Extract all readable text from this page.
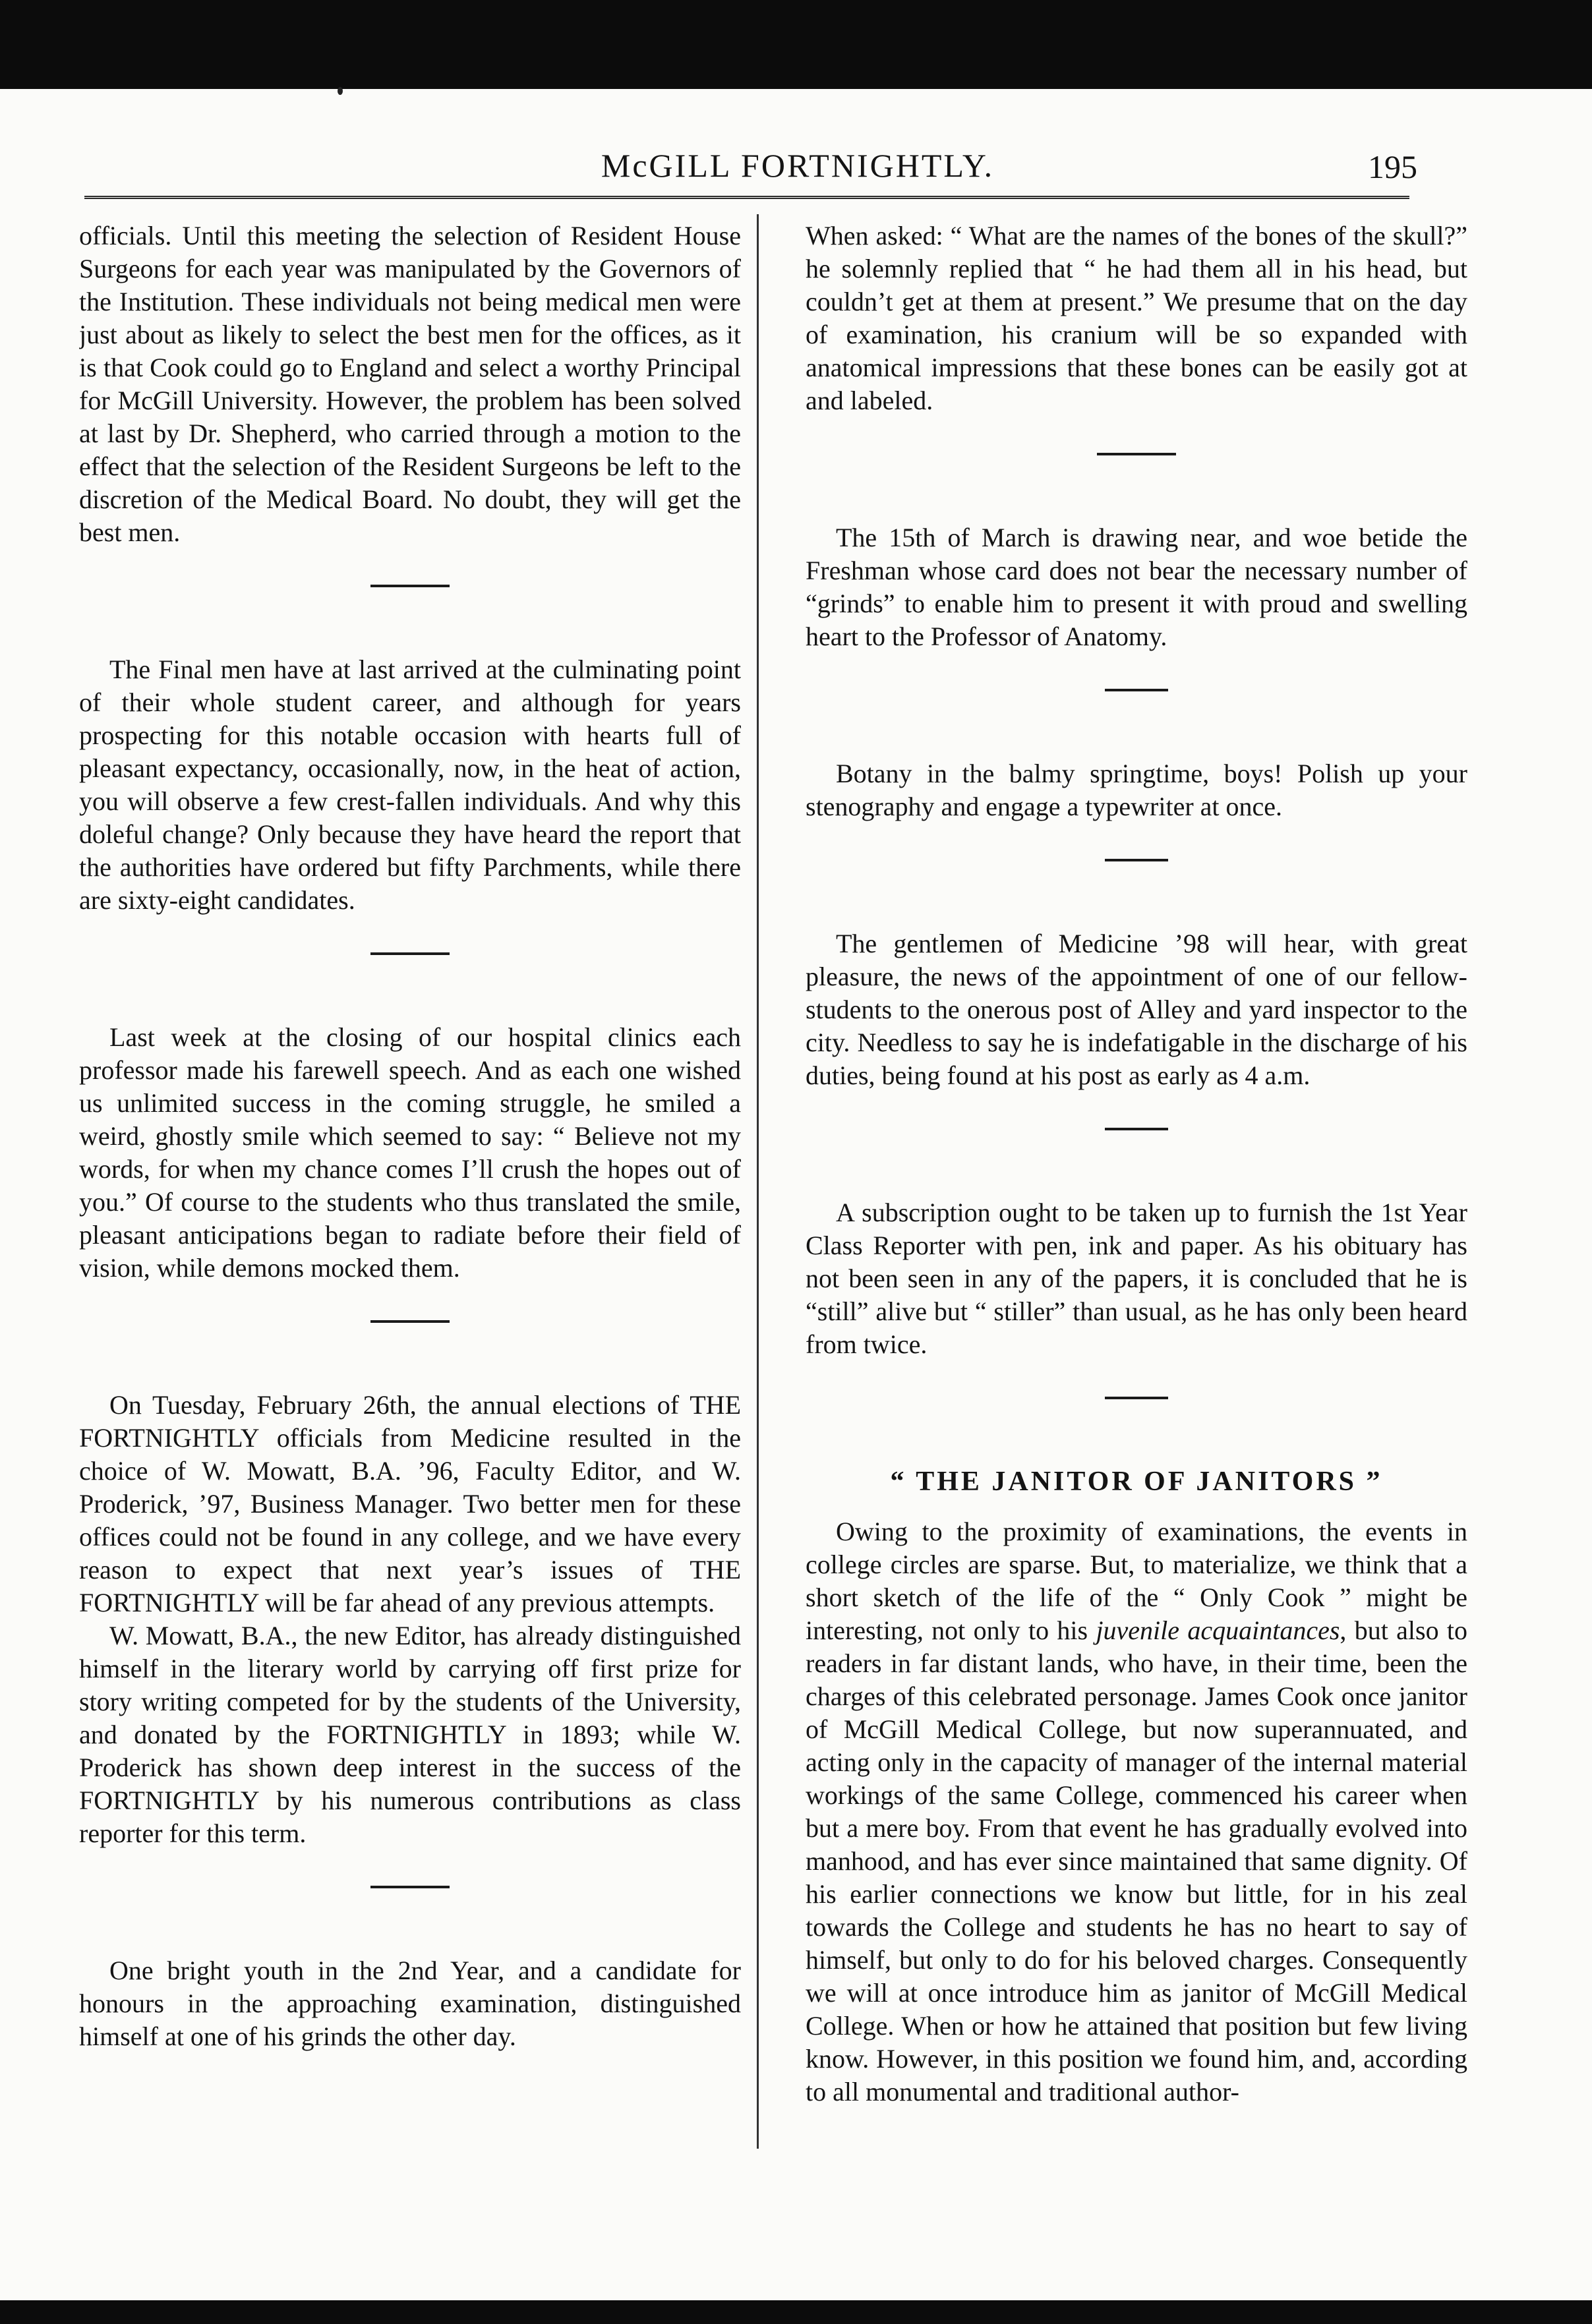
McGILL FORTNIGHTLY.	195

officials. Until this meeting the selection of Resident House Surgeons for each year was manipulated by the Governors of the Institution. These individuals not being medical men were just about as likely to select the best men for the offices, as it is that Cook could go to England and select a worthy Principal for McGill University. However, the problem has been solved at last by Dr. Shepherd, who carried through a motion to the effect that the selection of the Resident Surgeons be left to the discretion of the Medical Board. No doubt, they will get the best men.

The Final men have at last arrived at the culminating point of their whole student career, and although for years prospecting for this notable occasion with hearts full of pleasant expectancy, occasionally, now, in the heat of action, you will observe a few crest-fallen individuals. And why this doleful change? Only because they have heard the report that the authorities have ordered but fifty Parchments, while there are sixty-eight candidates.

Last week at the closing of our hospital clinics each professor made his farewell speech. And as each one wished us unlimited success in the coming struggle, he smiled a weird, ghostly smile which seemed to say: “ Believe not my words, for when my chance comes I’ll crush the hopes out of you.” Of course to the students who thus translated the smile, pleasant anticipations began to radiate before their field of vision, while demons mocked them.

On Tuesday, February 26th, the annual elections of THE FORTNIGHTLY officials from Medicine resulted in the choice of W. Mowatt, B.A. ’96, Faculty Editor, and W. Proderick, ’97, Business Manager. Two better men for these offices could not be found in any college, and we have every reason to expect that next year’s issues of THE FORTNIGHTLY will be far ahead of any previous attempts.

W. Mowatt, B.A., the new Editor, has already distinguished himself in the literary world by carrying off first prize for story writing competed for by the students of the University, and donated by the FORTNIGHTLY in 1893; while W. Proderick has shown deep interest in the success of the FORTNIGHTLY by his numerous contributions as class reporter for this term.

One bright youth in the 2nd Year, and a candidate for honours in the approaching examination, distinguished himself at one of his grinds the other day.

When asked: “ What are the names of the bones of the skull?” he solemnly replied that “ he had them all in his head, but couldn’t get at them at present.” We presume that on the day of examination, his cranium will be so expanded with anatomical impressions that these bones can be easily got at and labeled.

The 15th of March is drawing near, and woe betide the Freshman whose card does not bear the necessary number of “grinds” to enable him to present it with proud and swelling heart to the Professor of Anatomy.

Botany in the balmy springtime, boys! Polish up your stenography and engage a typewriter at once.

The gentlemen of Medicine ’98 will hear, with great pleasure, the news of the appointment of one of our fellow-students to the onerous post of Alley and yard inspector to the city. Needless to say he is indefatigable in the discharge of his duties, being found at his post as early as 4 a.m.

A subscription ought to be taken up to furnish the 1st Year Class Reporter with pen, ink and paper. As his obituary has not been seen in any of the papers, it is concluded that he is “still” alive but “ stiller” than usual, as he has only been heard from twice.

“ THE JANITOR OF JANITORS ”

Owing to the proximity of examinations, the events in college circles are sparse. But, to materialize, we think that a short sketch of the life of the “ Only Cook ” might be interesting, not only to his juvenile acquaintances, but also to readers in far distant lands, who have, in their time, been the charges of this celebrated personage. James Cook once janitor of McGill Medical College, but now superannuated, and acting only in the capacity of manager of the internal material workings of the same College, commenced his career when but a mere boy. From that event he has gradually evolved into manhood, and has ever since maintained that same dignity. Of his earlier connections we know but little, for in his zeal towards the College and students he has no heart to say of himself, but only to do for his beloved charges. Consequently we will at once introduce him as janitor of McGill Medical College. When or how he attained that position but few living know. However, in this position we found him, and, according to all monumental and traditional author-
